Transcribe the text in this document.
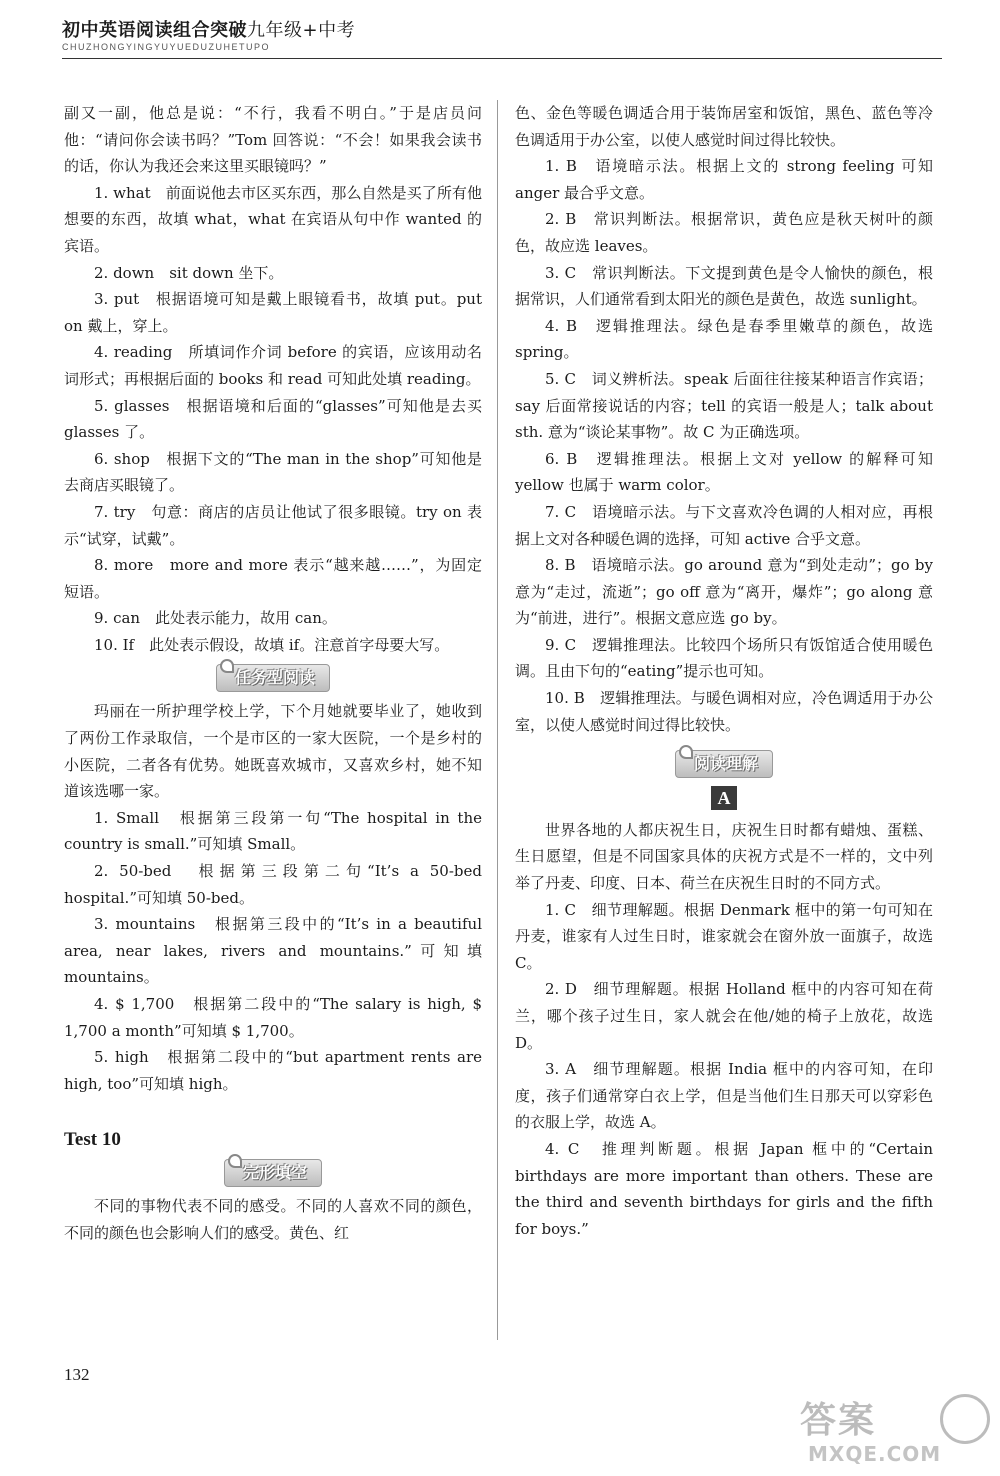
初中英语阅读组合突破九年级+中考
CHUZHONGYINGYUYUEDUZUHETUPO

副又一副，他总是说：“不行，我看不明白。”于是店员问他：“请问你会读书吗？”Tom 回答说：“不会！如果我会读书的话，你认为我还会来这里买眼镜吗？”

1. what　前面说他去市区买东西，那么自然是买了所有他想要的东西，故填 what，what 在宾语从句中作 wanted 的宾语。

2. down　sit down 坐下。

3. put　根据语境可知是戴上眼镜看书，故填 put。put on 戴上，穿上。

4. reading　所填词作介词 before 的宾语，应该用动名词形式；再根据后面的 books 和 read 可知此处填 reading。

5. glasses　根据语境和后面的“glasses”可知他是去买 glasses 了。

6. shop　根据下文的“The man in the shop”可知他是去商店买眼镜了。

7. try　句意：商店的店员让他试了很多眼镜。try on 表示“试穿，试戴”。

8. more　more and more 表示“越来越……”，为固定短语。

9. can　此处表示能力，故用 can。

10. If　此处表示假设，故填 if。注意首字母要大写。

任务型阅读

玛丽在一所护理学校上学，下个月她就要毕业了，她收到了两份工作录取信，一个是市区的一家大医院，一个是乡村的小医院，二者各有优势。她既喜欢城市，又喜欢乡村，她不知道该选哪一家。

1. Small　根据第三段第一句“The hospital in the country is small.”可知填 Small。

2. 50-bed　根据第三段第二句“It’s a 50-bed hospital.”可知填 50-bed。

3. mountains　根据第三段中的“It’s in a beautiful area, near lakes, rivers and mountains.”可知填 mountains。

4. $ 1,700　根据第二段中的“The salary is high, $ 1,700 a month”可知填 $ 1,700。

5. high　根据第二段中的“but apartment rents are high, too”可知填 high。

Test 10
完形填空

不同的事物代表不同的感受。不同的人喜欢不同的颜色，不同的颜色也会影响人们的感受。黄色、红

色、金色等暖色调适合用于装饰居室和饭馆，黑色、蓝色等冷色调适用于办公室，以使人感觉时间过得比较快。

1. B　语境暗示法。根据上文的 strong feeling 可知 anger 最合乎文意。

2. B　常识判断法。根据常识，黄色应是秋天树叶的颜色，故应选 leaves。

3. C　常识判断法。下文提到黄色是令人愉快的颜色，根据常识，人们通常看到太阳光的颜色是黄色，故选 sunlight。

4. B　逻辑推理法。绿色是春季里嫩草的颜色，故选 spring。

5. C　词义辨析法。speak 后面往往接某种语言作宾语；say 后面常接说话的内容；tell 的宾语一般是人；talk about sth. 意为“谈论某事物”。故 C 为正确选项。

6. B　逻辑推理法。根据上文对 yellow 的解释可知 yellow 也属于 warm color。

7. C　语境暗示法。与下文喜欢冷色调的人相对应，再根据上文对各种暖色调的选择，可知 active 合乎文意。

8. B　语境暗示法。go around 意为“到处走动”；go by 意为“走过，流逝”；go off 意为“离开，爆炸”；go along 意为“前进，进行”。根据文意应选 go by。

9. C　逻辑推理法。比较四个场所只有饭馆适合使用暖色调。且由下句的“eating”提示也可知。

10. B　逻辑推理法。与暖色调相对应，冷色调适用于办公室，以使人感觉时间过得比较快。

阅读理解
A

世界各地的人都庆祝生日，庆祝生日时都有蜡烛、蛋糕、生日愿望，但是不同国家具体的庆祝方式是不一样的，文中列举了丹麦、印度、日本、荷兰在庆祝生日时的不同方式。

1. C　细节理解题。根据 Denmark 框中的第一句可知在丹麦，谁家有人过生日时，谁家就会在窗外放一面旗子，故选 C。

2. D　细节理解题。根据 Holland 框中的内容可知在荷兰，哪个孩子过生日，家人就会在他/她的椅子上放花，故选 D。

3. A　细节理解题。根据 India 框中的内容可知，在印度，孩子们通常穿白衣上学，但是当他们生日那天可以穿彩色的衣服上学，故选 A。

4. C　推理判断题。根据 Japan 框中的“Certain birthdays are more important than others. These are the third and seventh birthdays for girls and the fifth for boys.”

132
答案
MXQE.COM
